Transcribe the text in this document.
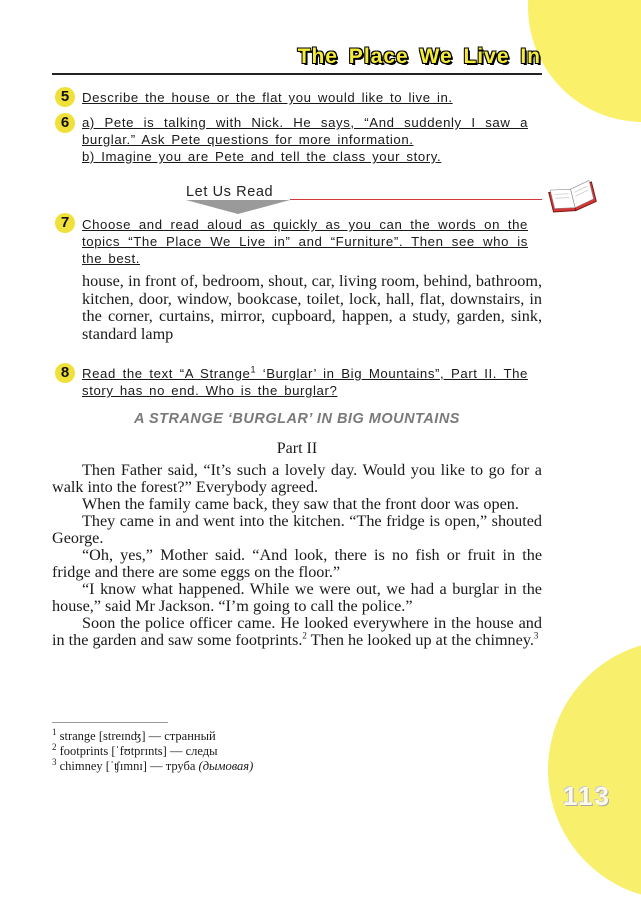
The Place We Live In
5 Describe the house or the flat you would like to live in.
6 a) Pete is talking with Nick. He says, “And suddenly I saw a burglar.” Ask Pete questions for more information.
b) Imagine you are Pete and tell the class your story.
Let Us Read
7 Choose and read aloud as quickly as you can the words on the topics “The Place We Live in” and “Furniture”. Then see who is the best.
house, in front of, bedroom, shout, car, living room, behind, bathroom, kitchen, door, window, bookcase, toilet, lock, hall, flat, downstairs, in the corner, curtains, mirror, cupboard, happen, a study, garden, sink, standard lamp
8 Read the text “A Strange$^1$ ‘Burglar’ in Big Mountains”, Part II. The story has no end. Who is the burglar?
A STRANGE ‘BURGLAR’ IN BIG MOUNTAINS
Part II

Then Father said, “It’s such a lovely day. Would you like to go for a walk into the forest?” Everybody agreed.

When the family came back, they saw that the front door was open.

They came in and went into the kitchen. “The fridge is open,” shouted George.

“Oh, yes,” Mother said. “And look, there is no fish or fruit in the fridge and there are some eggs on the floor.”

“I know what happened. While we were out, we had a burglar in the house,” said Mr Jackson. “I’m going to call the police.”

Soon the police officer came. He looked everywhere in the house and in the garden and saw some footprints.$^2$ Then he looked up at the chimney.$^3$

$^1$ strange [streɪnʤ] — странный
$^2$ footprints [ˈfʊtprɪnts] — следы
$^3$ chimney [ˈʧɪmnɪ] — труба (дымовая)
113
